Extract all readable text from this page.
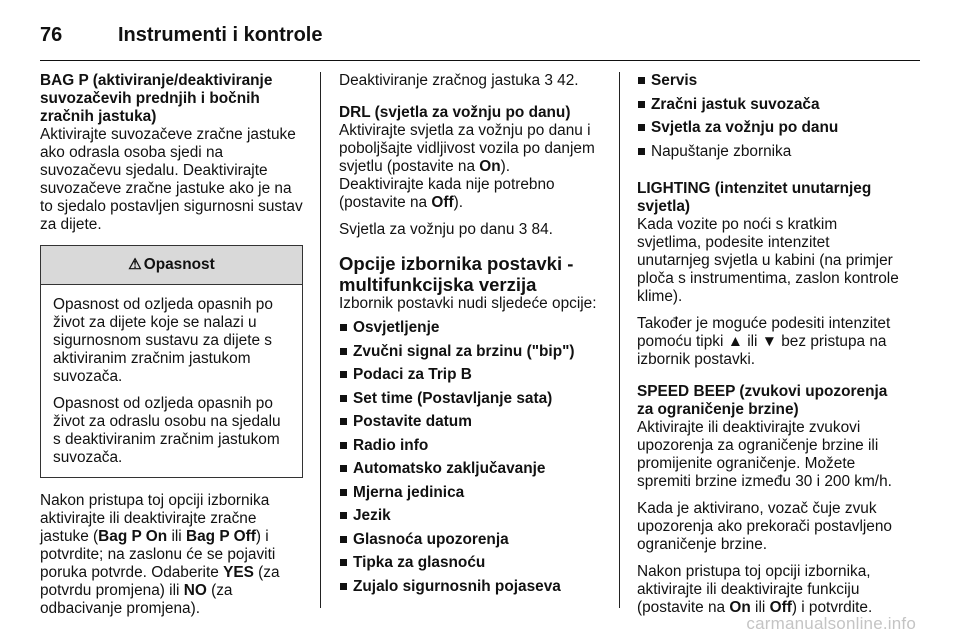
76	Instrumenti i kontrole

BAG P (aktiviranje/deaktiviranje suvozačevih prednjih i bočnih zračnih jastuka)

Aktivirajte suvozačeve zračne jastuke ako odrasla osoba sjedi na suvozačevu sjedalu. Deaktivirajte suvozačeve zračne jastuke ako je na to sjedalo postavljen sigurnosni sustav za dijete.

⚠ Opasnost

Opasnost od ozljeda opasnih po život za dijete koje se nalazi u sigurnosnom sustavu za dijete s aktiviranim zračnim jastukom suvozača.

Opasnost od ozljeda opasnih po život za odraslu osobu na sjedalu s deaktiviranim zračnim jastukom suvozača.

Nakon pristupa toj opciji izbornika aktivirajte ili deaktivirajte zračne jastuke (Bag P On ili Bag P Off) i potvrdite; na zaslonu će se pojaviti poruka potvrde. Odaberite YES (za potvrdu promjena) ili NO (za odbacivanje promjena).

Deaktiviranje zračnog jastuka 3 42.

DRL (svjetla za vožnju po danu)

Aktivirajte svjetla za vožnju po danu i poboljšajte vidljivost vozila po danjem svjetlu (postavite na On).
Deaktivirajte kada nije potrebno (postavite na Off).

Svjetla za vožnju po danu 3 84.

Opcije izbornika postavki - multifunkcijska verzija

Izbornik postavki nudi sljedeće opcije:

Osvjetljenje
Zvučni signal za brzinu ("bip")
Podaci za Trip B
Set time (Postavljanje sata)
Postavite datum
Radio info
Automatsko zaključavanje
Mjerna jedinica
Jezik
Glasnoća upozorenja
Tipka za glasnoću
Zujalo sigurnosnih pojaseva
Servis
Zračni jastuk suvozača
Svjetla za vožnju po danu
Napuštanje zbornika

LIGHTING (intenzitet unutarnjeg svjetla)

Kada vozite po noći s kratkim svjetlima, podesite intenzitet unutarnjeg svjetla u kabini (na primjer ploča s instrumentima, zaslon kontrole klime).

Također je moguće podesiti intenzitet pomoću tipki ▲ ili ▼ bez pristupa na izbornik postavki.

SPEED BEEP (zvukovi upozorenja za ograničenje brzine)

Aktivirajte ili deaktivirajte zvukovi upozorenja za ograničenje brzine ili promijenite ograničenje. Možete spremiti brzine između 30 i 200 km/h.

Kada je aktivirano, vozač čuje zvuk upozorenja ako prekorači postavljeno ograničenje brzine.

Nakon pristupa toj opciji izbornika, aktivirajte ili deaktivirajte funkciju (postavite na On ili Off) i potvrdite.

carmanualsonline.info
